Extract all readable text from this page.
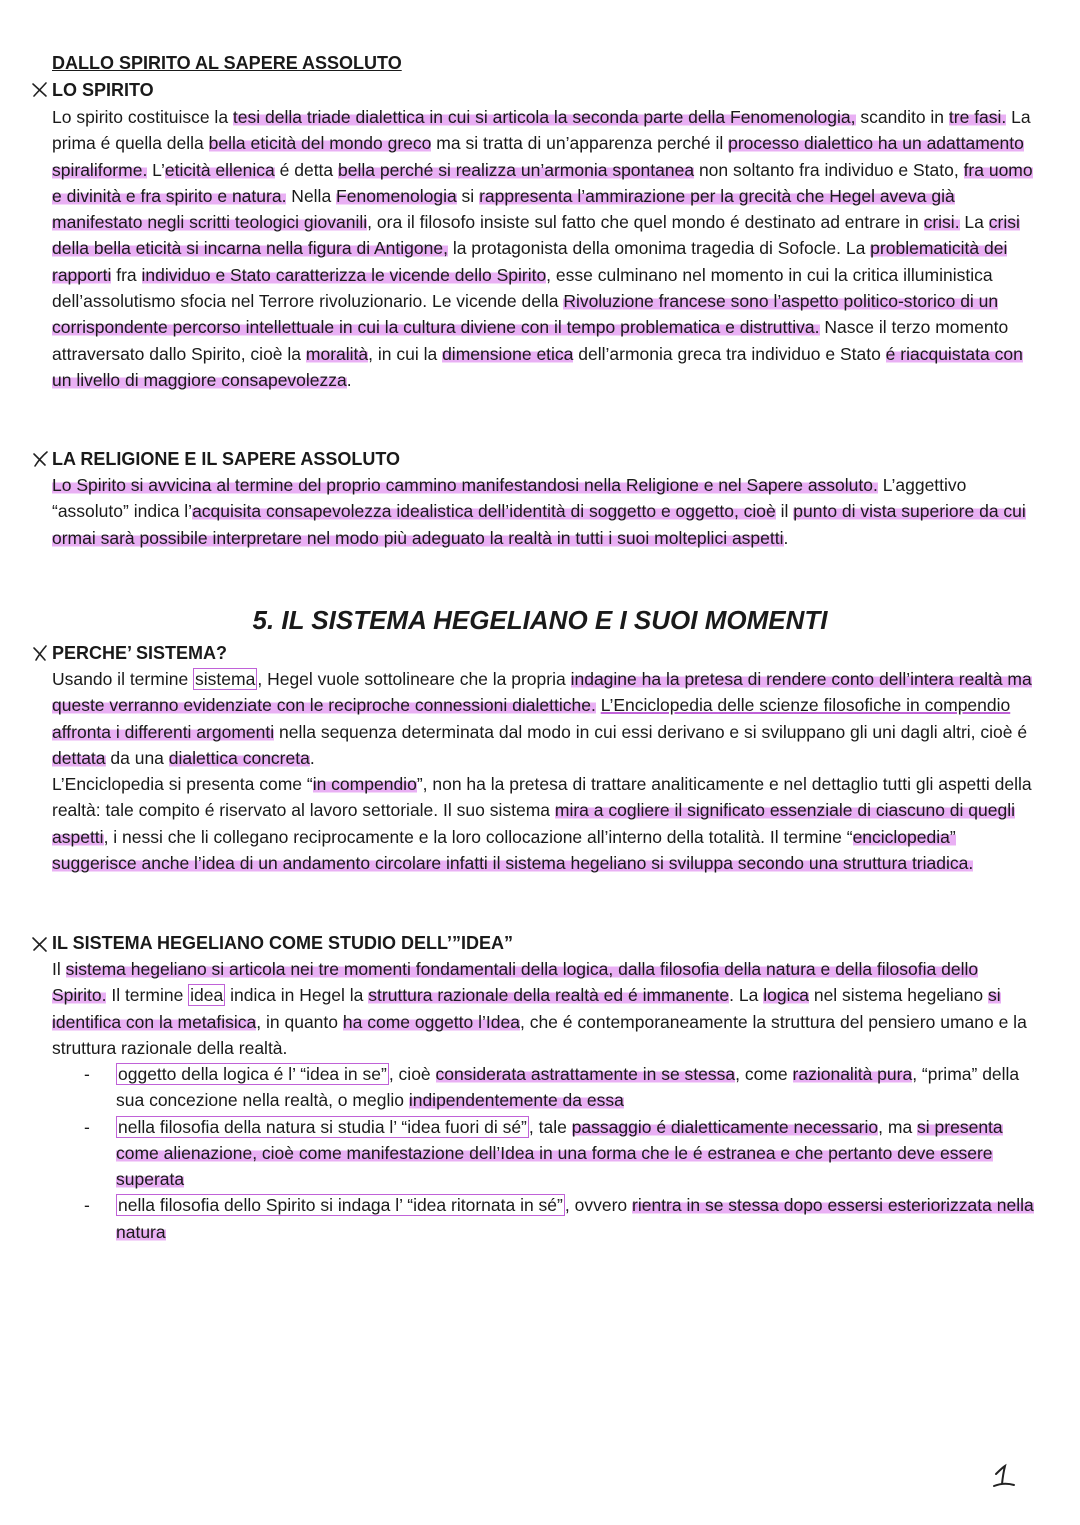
DALLO SPIRITO AL SAPERE ASSOLUTO
LO SPIRITO
Lo spirito costituisce la tesi della triade dialettica in cui si articola la seconda parte della Fenomenologia, scandito in tre fasi. La prima é quella della bella eticità del mondo greco ma si tratta di un’apparenza perché il processo dialettico ha un adattamento spiraliforme. L’eticità ellenica é detta bella perché si realizza un’armonia spontanea non soltanto fra individuo e Stato, fra uomo e divinità e fra spirito e natura. Nella Fenomenologia si rappresenta l’ammirazione per la grecità che Hegel aveva già manifestato negli scritti teologici giovanili, ora il filosofo insiste sul fatto che quel mondo é destinato ad entrare in crisi. La crisi della bella eticità si incarna nella figura di Antigone, la protagonista della omonima tragedia di Sofocle. La problematicità dei rapporti fra individuo e Stato caratterizza le vicende dello Spirito, esse culminano nel momento in cui la critica illuministica dell’assolutismo sfocia nel Terrore rivoluzionario. Le vicende della Rivoluzione francese sono l’aspetto politico-storico di un corrispondente percorso intellettuale in cui la cultura diviene con il tempo problematica e distruttiva. Nasce il terzo momento attraversato dallo Spirito, cioè la moralità, in cui la dimensione etica dell’armonia greca tra individuo e Stato é riacquistata con un livello di maggiore consapevolezza.
LA RELIGIONE E IL SAPERE ASSOLUTO
Lo Spirito si avvicina al termine del proprio cammino manifestandosi nella Religione e nel Sapere assoluto. L’aggettivo “assoluto” indica l’acquisita consapevolezza idealistica dell’identità di soggetto e oggetto, cioè il punto di vista superiore da cui ormai sarà possibile interpretare nel modo più adeguato la realtà in tutti i suoi molteplici aspetti.
5. IL SISTEMA HEGELIANO E I SUOI MOMENTI
PERCHE’ SISTEMA?
Usando il termine sistema , Hegel vuole sottolineare che la propria indagine ha la pretesa di rendere conto dell’intera realtà ma queste verranno evidenziate con le reciproche connessioni dialettiche. L’Enciclopedia delle scienze filosofiche in compendio affronta i differenti argomenti nella sequenza determinata dal modo in cui essi derivano e si sviluppano gli uni dagli altri, cioè é dettata da una dialettica concreta.
L’Enciclopedia si presenta come “in compendio”, non ha la pretesa di trattare analiticamente e nel dettaglio tutti gli aspetti della realtà: tale compito é riservato al lavoro settoriale. Il suo sistema mira a cogliere il significato essenziale di ciascuno di quegli aspetti, i nessi che li collegano reciprocamente e la loro collocazione all’interno della totalità. Il termine “enciclopedia” suggerisce anche l’idea di un andamento circolare infatti il sistema hegeliano si sviluppa secondo una struttura triadica.
IL SISTEMA HEGELIANO COME STUDIO DELL’”IDEA”
Il sistema hegeliano si articola nei tre momenti fondamentali della logica, dalla filosofia della natura e della filosofia dello Spirito. Il termine idea indica in Hegel la struttura razionale della realtà ed é immanente. La logica nel sistema hegeliano si identifica con la metafisica, in quanto ha come oggetto l’Idea, che é contemporaneamente la struttura del pensiero umano e la struttura razionale della realtà.
- oggetto della logica é l’ “idea in se” , cioè considerata astrattamente in se stessa, come razionalità pura, “prima” della sua concezione nella realtà, o meglio indipendentemente da essa
- nella filosofia della natura si studia l’ “idea fuori di sé” , tale passaggio é dialetticamente necessario, ma si presenta come alienazione, cioè come manifestazione dell’Idea in una forma che le é estranea e che pertanto deve essere superata
- nella filosofia dello Spirito si indaga l’ “idea ritornata in sé” , ovvero rientra in se stessa dopo essersi esteriorizzata nella natura
